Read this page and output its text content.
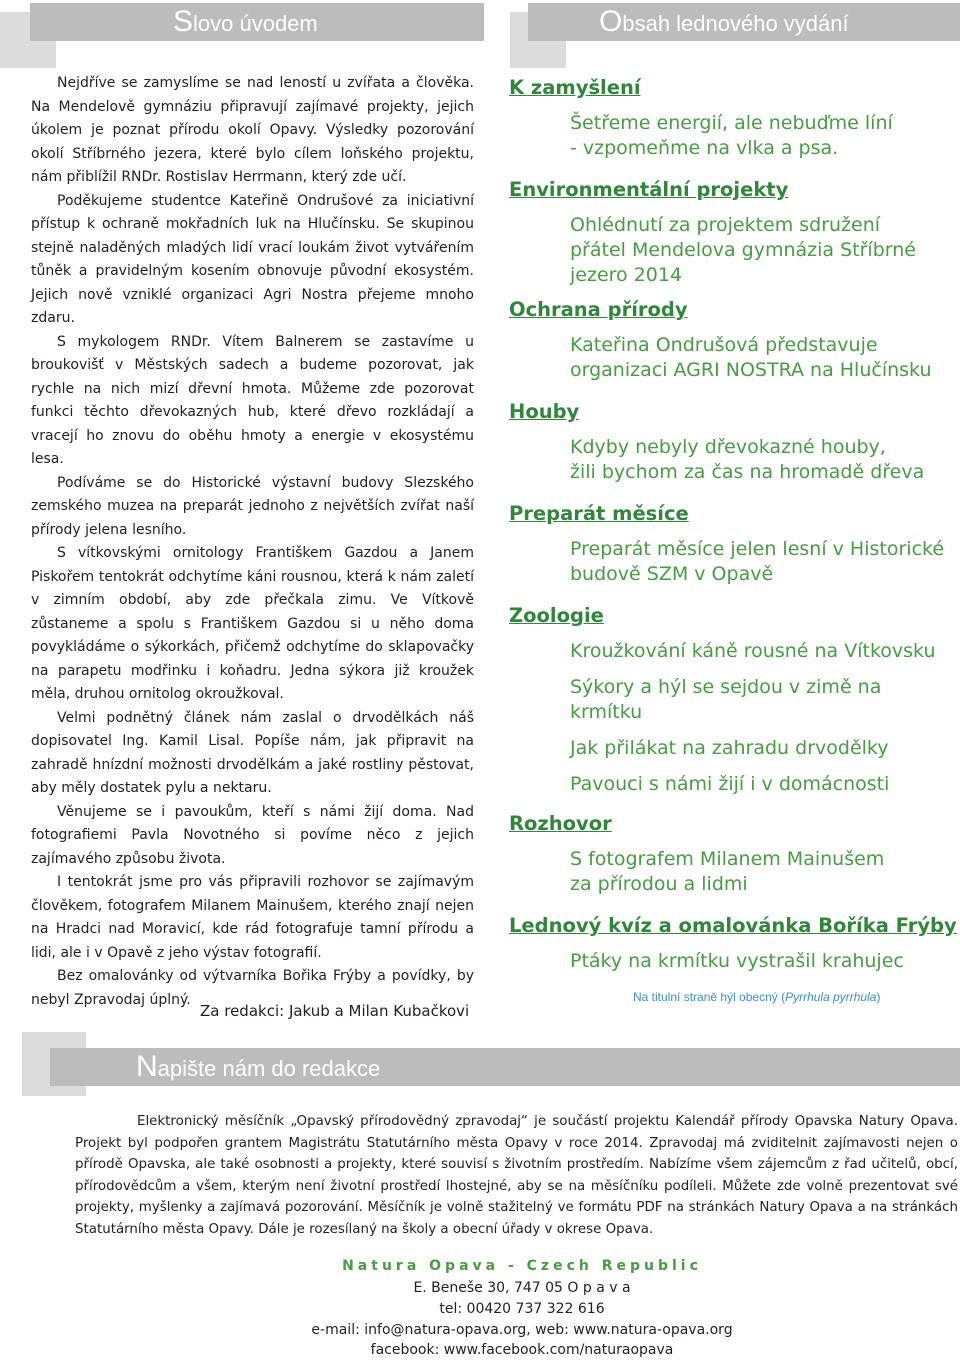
Slovo úvodem	Obsah lednového vydání
Napište nám do redakce

Nejdříve se zamyslíme se nad leností u zvířata a člověka. Na Mendelově gymnáziu připravují zajímavé projekty, jejich úkolem je poznat přírodu okolí Opavy. Výsledky pozorování okolí Stříbrného jezera, které bylo cílem loňského projektu, nám přiblížil RNDr. Rostislav Herrmann, který zde učí.

Poděkujeme studentce Kateřině Ondrušové za iniciativní přístup k ochraně mokřadních luk na Hlučínsku. Se skupinou stejně naladěných mladých lidí vrací loukám život vytvářením tůněk a pravidelným kosením obnovuje původní ekosystém. Jejich nově vzniklé organizaci Agri Nostra přejeme mnoho zdaru.

S mykologem RNDr. Vítem Balnerem se zastavíme u broukovišť v Městských sadech a budeme pozorovat, jak rychle na nich mizí dřevní hmota. Můžeme zde pozorovat funkci těchto dřevokazných hub, které dřevo rozkládají a vracejí ho znovu do oběhu hmoty a energie v ekosystému lesa.

Podíváme se do Historické výstavní budovy Slezského zemského muzea na preparát jednoho z největších zvířat naší přírody jelena lesního.

S vítkovskými ornitology Františkem Gazdou a Janem Piskořem tentokrát odchytíme káni rousnou, která k nám zaletí v zimním období, aby zde přečkala zimu. Ve Vítkově zůstaneme a spolu s Františkem Gazdou si u něho doma povykládáme o sýkorkách, přičemž odchytíme do sklapovačky na parapetu modřinku i koňadru. Jedna sýkora již kroužek měla, druhou ornitolog okroužkoval.

Velmi podnětný článek nám zaslal o drvodělkách náš dopisovatel Ing. Kamil Lisal. Popíše nám, jak připravit na zahradě hnízdní možnosti drvodělkám a jaké rostliny pěstovat, aby měly dostatek pylu a nektaru.

Věnujeme se i pavoukům, kteří s námi žijí doma. Nad fotografiemi Pavla Novotného si povíme něco z jejich zajímavého způsobu života.

I tentokrát jsme pro vás připravili rozhovor se zajímavým člověkem, fotografem Milanem Mainušem, kterého znají nejen na Hradci nad Moravicí, kde rád fotografuje tamní přírodu a lidi, ale i v Opavě z jeho výstav fotografií.

Bez omalovánky od výtvarníka Bořika Frýby a povídky, by nebyl Zpravodaj úplný.

Za redakci: Jakub a Milan Kubačkovi

K zamyšlení

Šetřeme energií, ale nebuďme líní
- vzpomeňme na vlka a psa.

Environmentální projekty

Ohlédnutí za projektem sdružení
přátel Mendelova gymnázia Stříbrné
jezero 2014

Ochrana přírody

Kateřina Ondrušová představuje
organizaci AGRI NOSTRA na Hlučínsku

Houby

Kdyby nebyly dřevokazné houby,
žili bychom za čas na hromadě dřeva

Preparát měsíce

Preparát měsíce jelen lesní v Historické
budově SZM v Opavě

Zoologie

Kroužkování káně rousné na Vítkovsku

Sýkory a hýl se sejdou v zimě na krmítku

Jak přilákat na zahradu drvodělky

Pavouci s námi žijí i v domácnosti

Rozhovor

S fotografem Milanem Mainušem
za přírodou a lidmi

Lednový kvíz a omalovánka Boříka Frýby

Ptáky na krmítku vystrašil krahujec

Na titulní straně hýl obecný (Pyrrhula pyrrhula)

Elektronický měsíčník „Opavský přírodovědný zpravodaj“ je součástí projektu Kalendář přírody Opavska Natury Opava. Projekt byl podpořen grantem Magistrátu Statutárního města Opavy v roce 2014. Zpravodaj má zviditelnit zajímavosti nejen o přírodě Opavska, ale také osobnosti a projekty, které souvisí s životním prostředím. Nabízíme všem zájemcům z řad učitelů, obcí, přírodovědcům a všem, kterým není životní prostředí lhostejné, aby se na měsíčníku podíleli. Můžete zde volně prezentovat své projekty, myšlenky a zajímavá pozorování. Měsíčník je volně stažitelný ve formátu PDF na stránkách Natury Opava a na stránkách Statutárního města Opavy. Dále je rozesílaný na školy a obecní úřady v okrese Opava.

Natura Opava - Czech Republic
E. Beneše 30, 747 05 O p a v a
tel: 00420 737 322 616
e-mail: info@natura-opava.org, web: www.natura-opava.org
facebook: www.facebook.com/naturaopava
